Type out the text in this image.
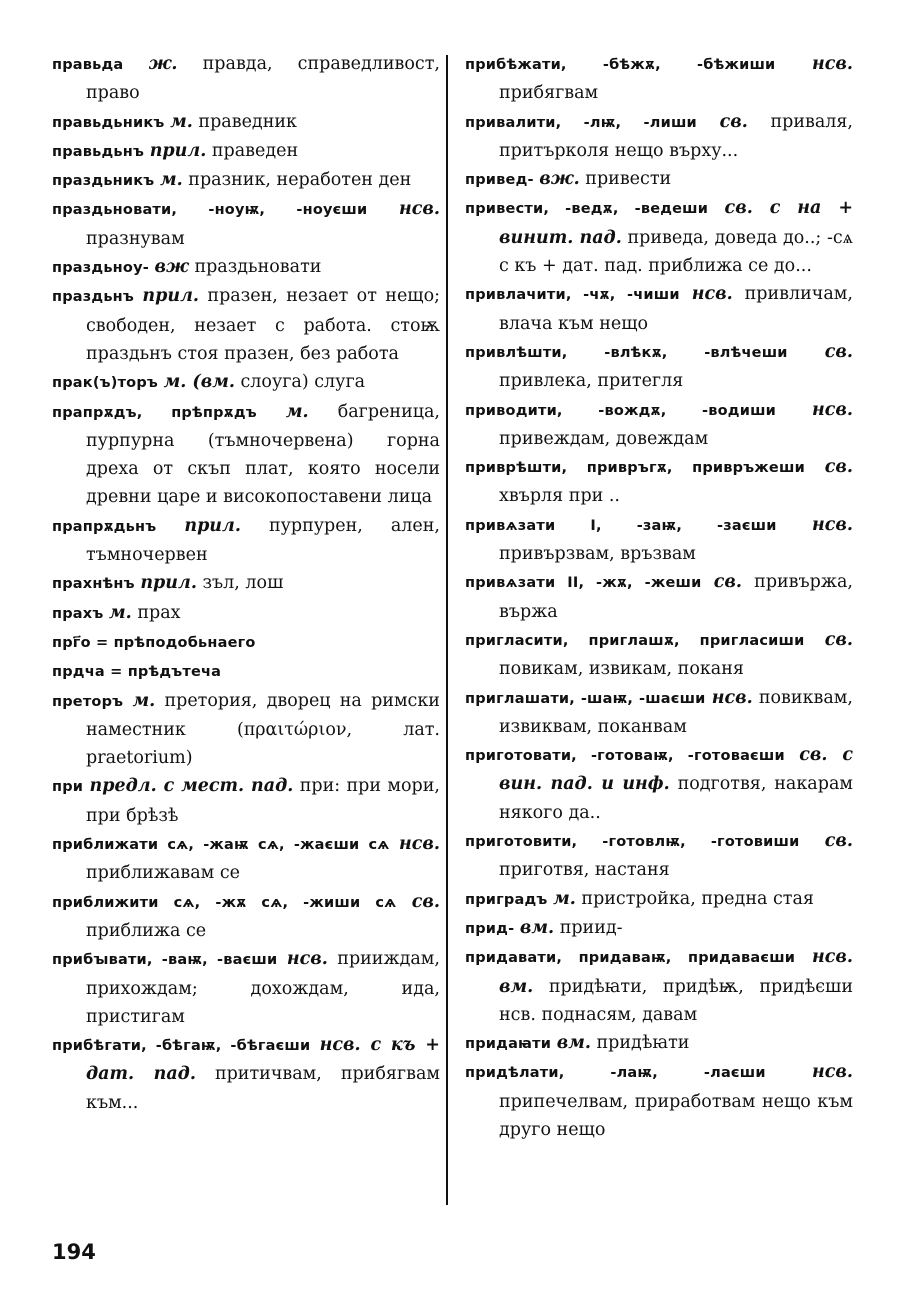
правьда ж. правда, справедливост, право

правьдьникъ м. праведник

правьдьнъ прил. праведен

праздьникъ м. празник, неработен ден

праздьновати, -ноуѭ, -ноуєши нсв. празнувам

праздьноу- вж праздьновати

праздьнъ прил. празен, незает от нещо; свободен, незает с работа. стоѭ праздьнъ стоя празен, без работа

прак(ъ)торъ м. (вм. слоуга) слуга

прапрѫдъ, прѣпрѫдъ м. багреница, пурпурна (тъмночервена) горна дреха от скъп плат, която носели древни царе и високопоставени лица

прапрѫдьнъ прил. пурпурен, ален, тъмночервен

прахнѣнъ прил. зъл, лош

прахъ м. прах

прг҃о = прѣподобьнаего

прдча = прѣдътеча

преторъ м. претория, дворец на римски наместник (πραιτώριον, лат. praetorium)

при предл. с мест. пад. при: при мори, при брѣзѣ

приближати сѧ, -жаѭ сѧ, -жаєши сѧ нсв. приближавам се

приближити сѧ, -жѫ сѧ, -жиши сѧ св. приближа се

прибꙑвати, -ваѭ, -ваєши нсв. прииждам, прихождам; дохождам, ида, пристигам

прибѣгати, -бѣгаѭ, -бѣгаєши нсв. с къ + дат. пад. притичвам, прибягвам към...

прибѣжати, -бѣжѫ, -бѣжиши нсв. прибягвам

привалити, -лѭ, -лиши св. приваля, притърколя нещо върху...

привед- вж. привести

привести, -ведѫ, -ведеши св. с на + винит. пад. приведа, доведа до..; -сѧ с къ + дат. пад. приближа се до...

привлачити, -чѫ, -чиши нсв. привличам, влача към нещо

привлѣшти, -влѣкѫ, -влѣчеши св. привлека, притегля

приводити, -вождѫ, -водиши нсв. привеждам, довеждам

приврѣшти, привръгѫ, привръжеши св. хвърля при ..

привѧзати I, -заѭ, -заєши нсв. привързвам, връзвам

привѧзати II, -жѫ, -жеши св. привържа, вържа

пригласити, приглашѫ, пригласиши св. повикам, извикам, поканя

приглашати, -шаѭ, -шаєши нсв. повиквам, извиквам, поканвам

приготовати, -готоваѭ, -готоваєши св. с вин. пад. и инф. подготвя, накарам някого да..

приготовити, -готовлѭ, -готовиши св. приготвя, настаня

приградъ м. пристройка, предна стая

прид- вм. приид-

придавати, придаваѭ, придаваєши нсв. вм. придѣꙗти, придѣѭ, придѣєши нсв. поднасям, давам

придаꙗти вм. придѣꙗти

придѣлати, -лаѭ, -лаєши	нсв. припечелвам, приработвам нещо към друго нещо

194
